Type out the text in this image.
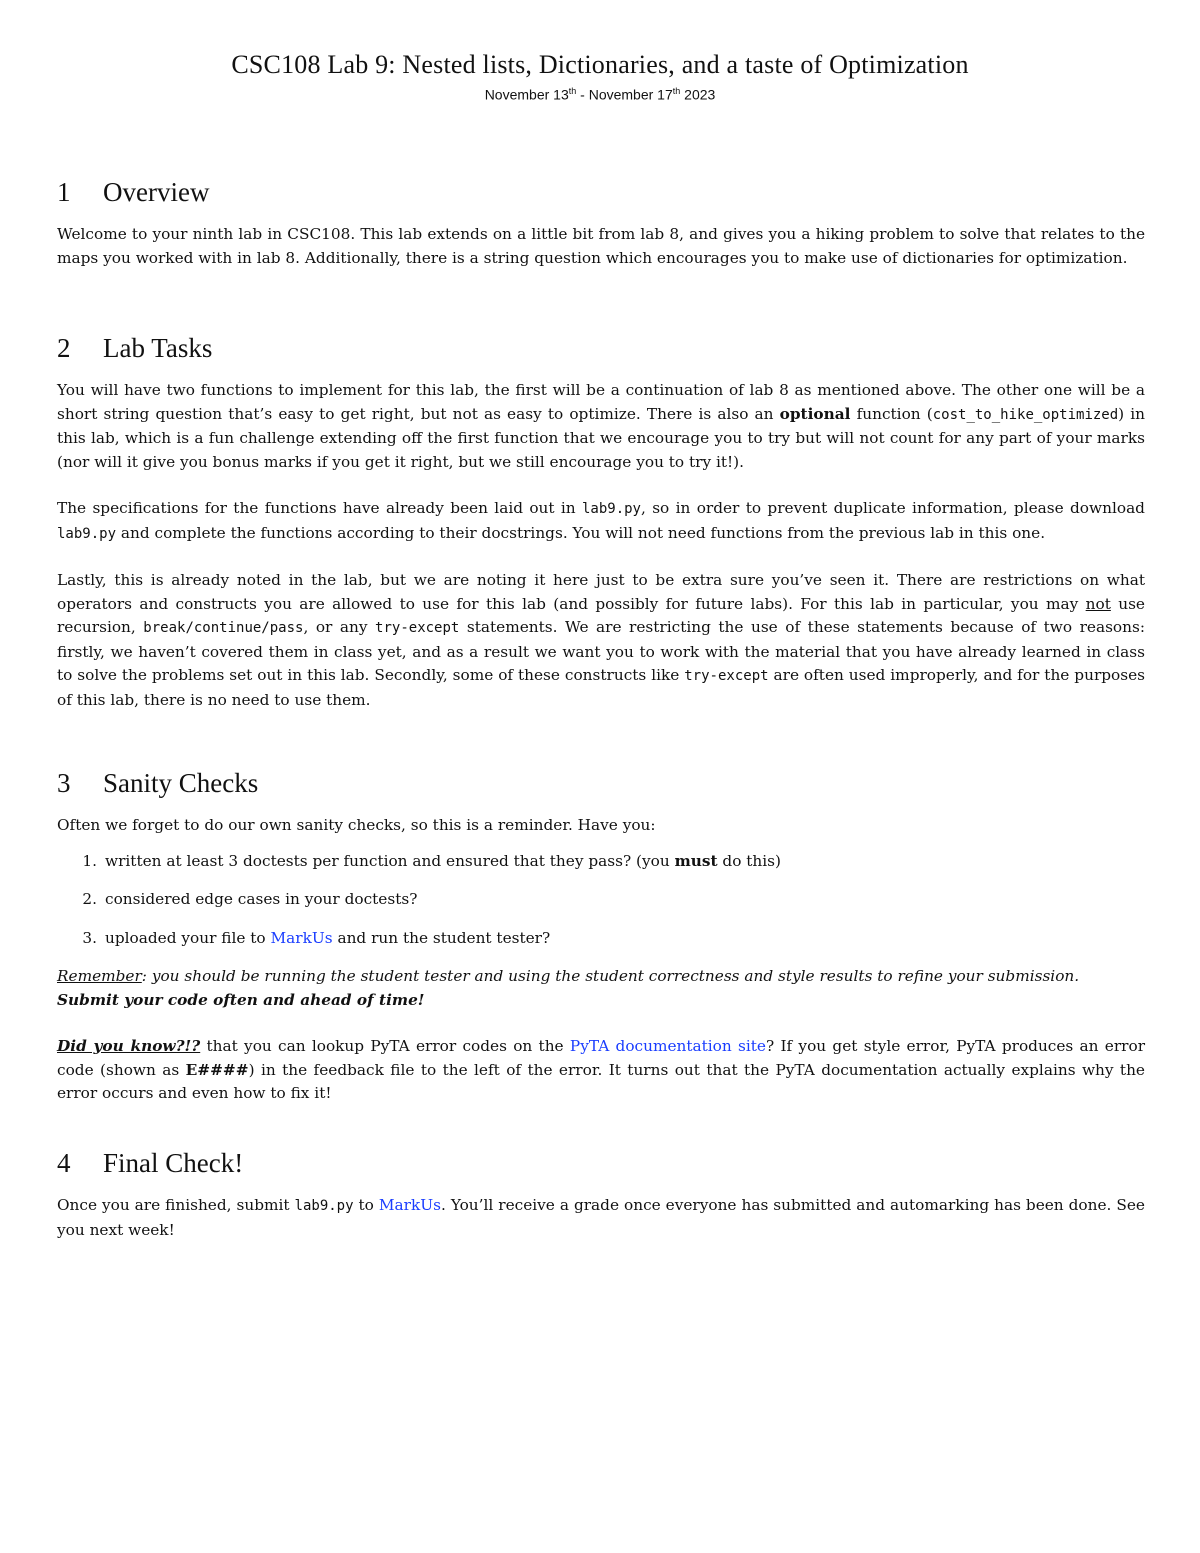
CSC108 Lab 9: Nested lists, Dictionaries, and a taste of Optimization
November 13th - November 17th 2023
1	Overview

Welcome to your ninth lab in CSC108. This lab extends on a little bit from lab 8, and gives you a hiking problem to solve that relates to the maps you worked with in lab 8. Additionally, there is a string question which encourages you to make use of dictionaries for optimization.

2	Lab Tasks

You will have two functions to implement for this lab, the first will be a continuation of lab 8 as mentioned above. The other one will be a short string question that’s easy to get right, but not as easy to optimize. There is also an optional function (cost_to_hike_optimized) in this lab, which is a fun challenge extending off the first function that we encourage you to try but will not count for any part of your marks (nor will it give you bonus marks if you get it right, but we still encourage you to try it!).

The specifications for the functions have already been laid out in lab9.py, so in order to prevent duplicate information, please download lab9.py and complete the functions according to their docstrings. You will not need functions from the previous lab in this one.

Lastly, this is already noted in the lab, but we are noting it here just to be extra sure you’ve seen it. There are restrictions on what operators and constructs you are allowed to use for this lab (and possibly for future labs). For this lab in particular, you may not use recursion, break/continue/pass, or any try-except statements. We are restricting the use of these statements because of two reasons: firstly, we haven’t covered them in class yet, and as a result we want you to work with the material that you have already learned in class to solve the problems set out in this lab. Secondly, some of these constructs like try-except are often used improperly, and for the purposes of this lab, there is no need to use them.

3	Sanity Checks

Often we forget to do our own sanity checks, so this is a reminder. Have you:

1. written at least 3 doctests per function and ensured that they pass? (you must do this)
2. considered edge cases in your doctests?
3. uploaded your file to MarkUs and run the student tester?

Remember: you should be running the student tester and using the student correctness and style results to refine your submission.
Submit your code often and ahead of time!

Did you know?!? that you can lookup PyTA error codes on the PyTA documentation site? If you get style error, PyTA produces an error code (shown as E####) in the feedback file to the left of the error. It turns out that the PyTA documentation actually explains why the error occurs and even how to fix it!

4	Final Check!

Once you are finished, submit lab9.py to MarkUs. You’ll receive a grade once everyone has submitted and automarking has been done. See you next week!
